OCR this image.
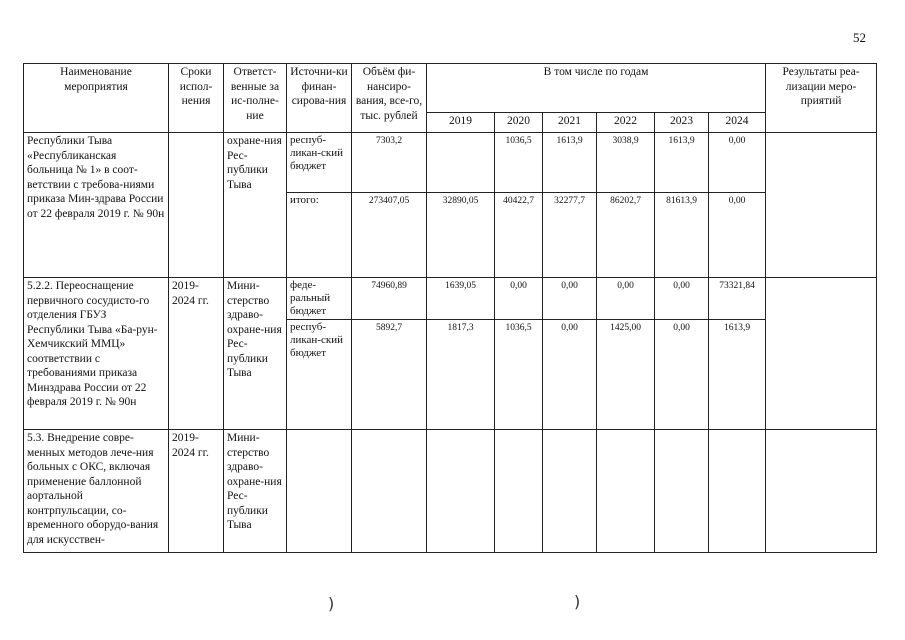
52
Наименование мероприятия	Сроки испол-нения	Ответст-венные за ис-полне-ние	Источни-ки финан-сирова-ния	Объём фи-нансиро-вания, все-го, тыс. рублей	В том числе по годам						Результаты реа-лизации меро-приятий
					2019	2020	2021	2022	2023	2024	
Республики Тыва «Республиканская больница № 1» в соот-ветствии с требова-ниями приказа Мин-здрава России от 22 февраля 2019 г. № 90н		охране-ния Рес-публики Тыва	респуб-ликан-ский бюджет	7303,2		1036,5	1613,9	3038,9	1613,9	0,00	
			итого:	273407,05	32890,05	40422,7	32277,7	86202,7	81613,9	0,00	
5.2.2. Переоснащение первичного сосудисто-го отделения ГБУЗ Республики Тыва «Ба-рун-Хемчикский ММЦ» соответствии с требованиями приказа Минздрава России от 22 февраля 2019 г. № 90н	2019-2024 гг.	Мини-стерство здраво-охране-ния Рес-публики Тыва	феде-ральный бюджет	74960,89	1639,05	0,00	0,00	0,00	0,00	73321,84	
			респуб-ликан-ский бюджет	5892,7	1817,3	1036,5	0,00	1425,00	0,00	1613,9	
5.3. Внедрение совре-менных методов лече-ния больных с ОКС, включая применение баллонной аортальной контрпульсации, со-временного оборудо-вания для искусствен-	2019-2024 гг.	Мини-стерство здраво-охране-ния Рес-публики Тыва									
)	)
